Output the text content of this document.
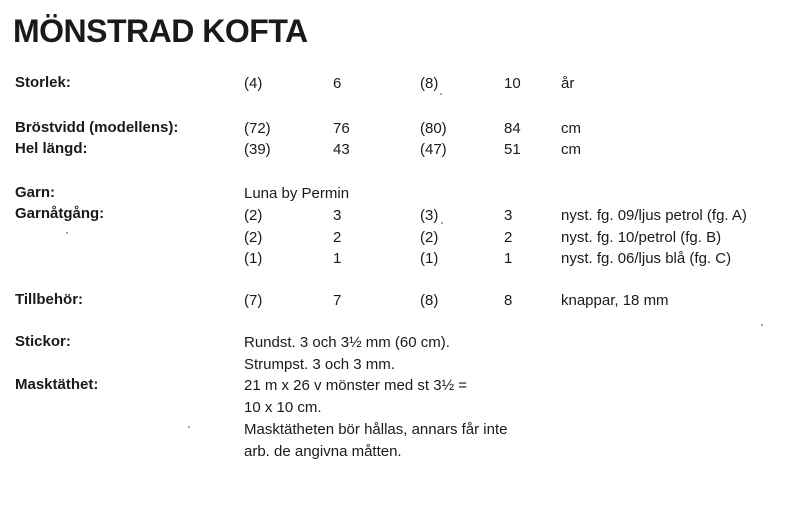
MÖNSTRAD KOFTA
Storlek:	(4)	6	(8)	10	år
Bröstvidd (modellens):	(72)	76	(80)	84	cm
Hel längd:	(39)	43	(47)	51	cm
Garn:	Luna by Permin
Garnåtgång:	(2)	3	(3)	3	nyst. fg. 09/ljus petrol (fg. A)
(2)	2	(2)	2	nyst. fg. 10/petrol (fg. B)
(1)	1	(1)	1	nyst. fg. 06/ljus blå (fg. C)
Tillbehör:	(7)	7	(8)	8	knappar, 18 mm
Stickor:	Rundst. 3 och 3½ mm (60 cm).
Strumpst. 3 och 3 mm.
Masktäthet:	21 m x 26 v mönster med st 3½ =
10 x 10 cm.
Masktätheten bör hållas, annars får inte
arb. de angivna måtten.
